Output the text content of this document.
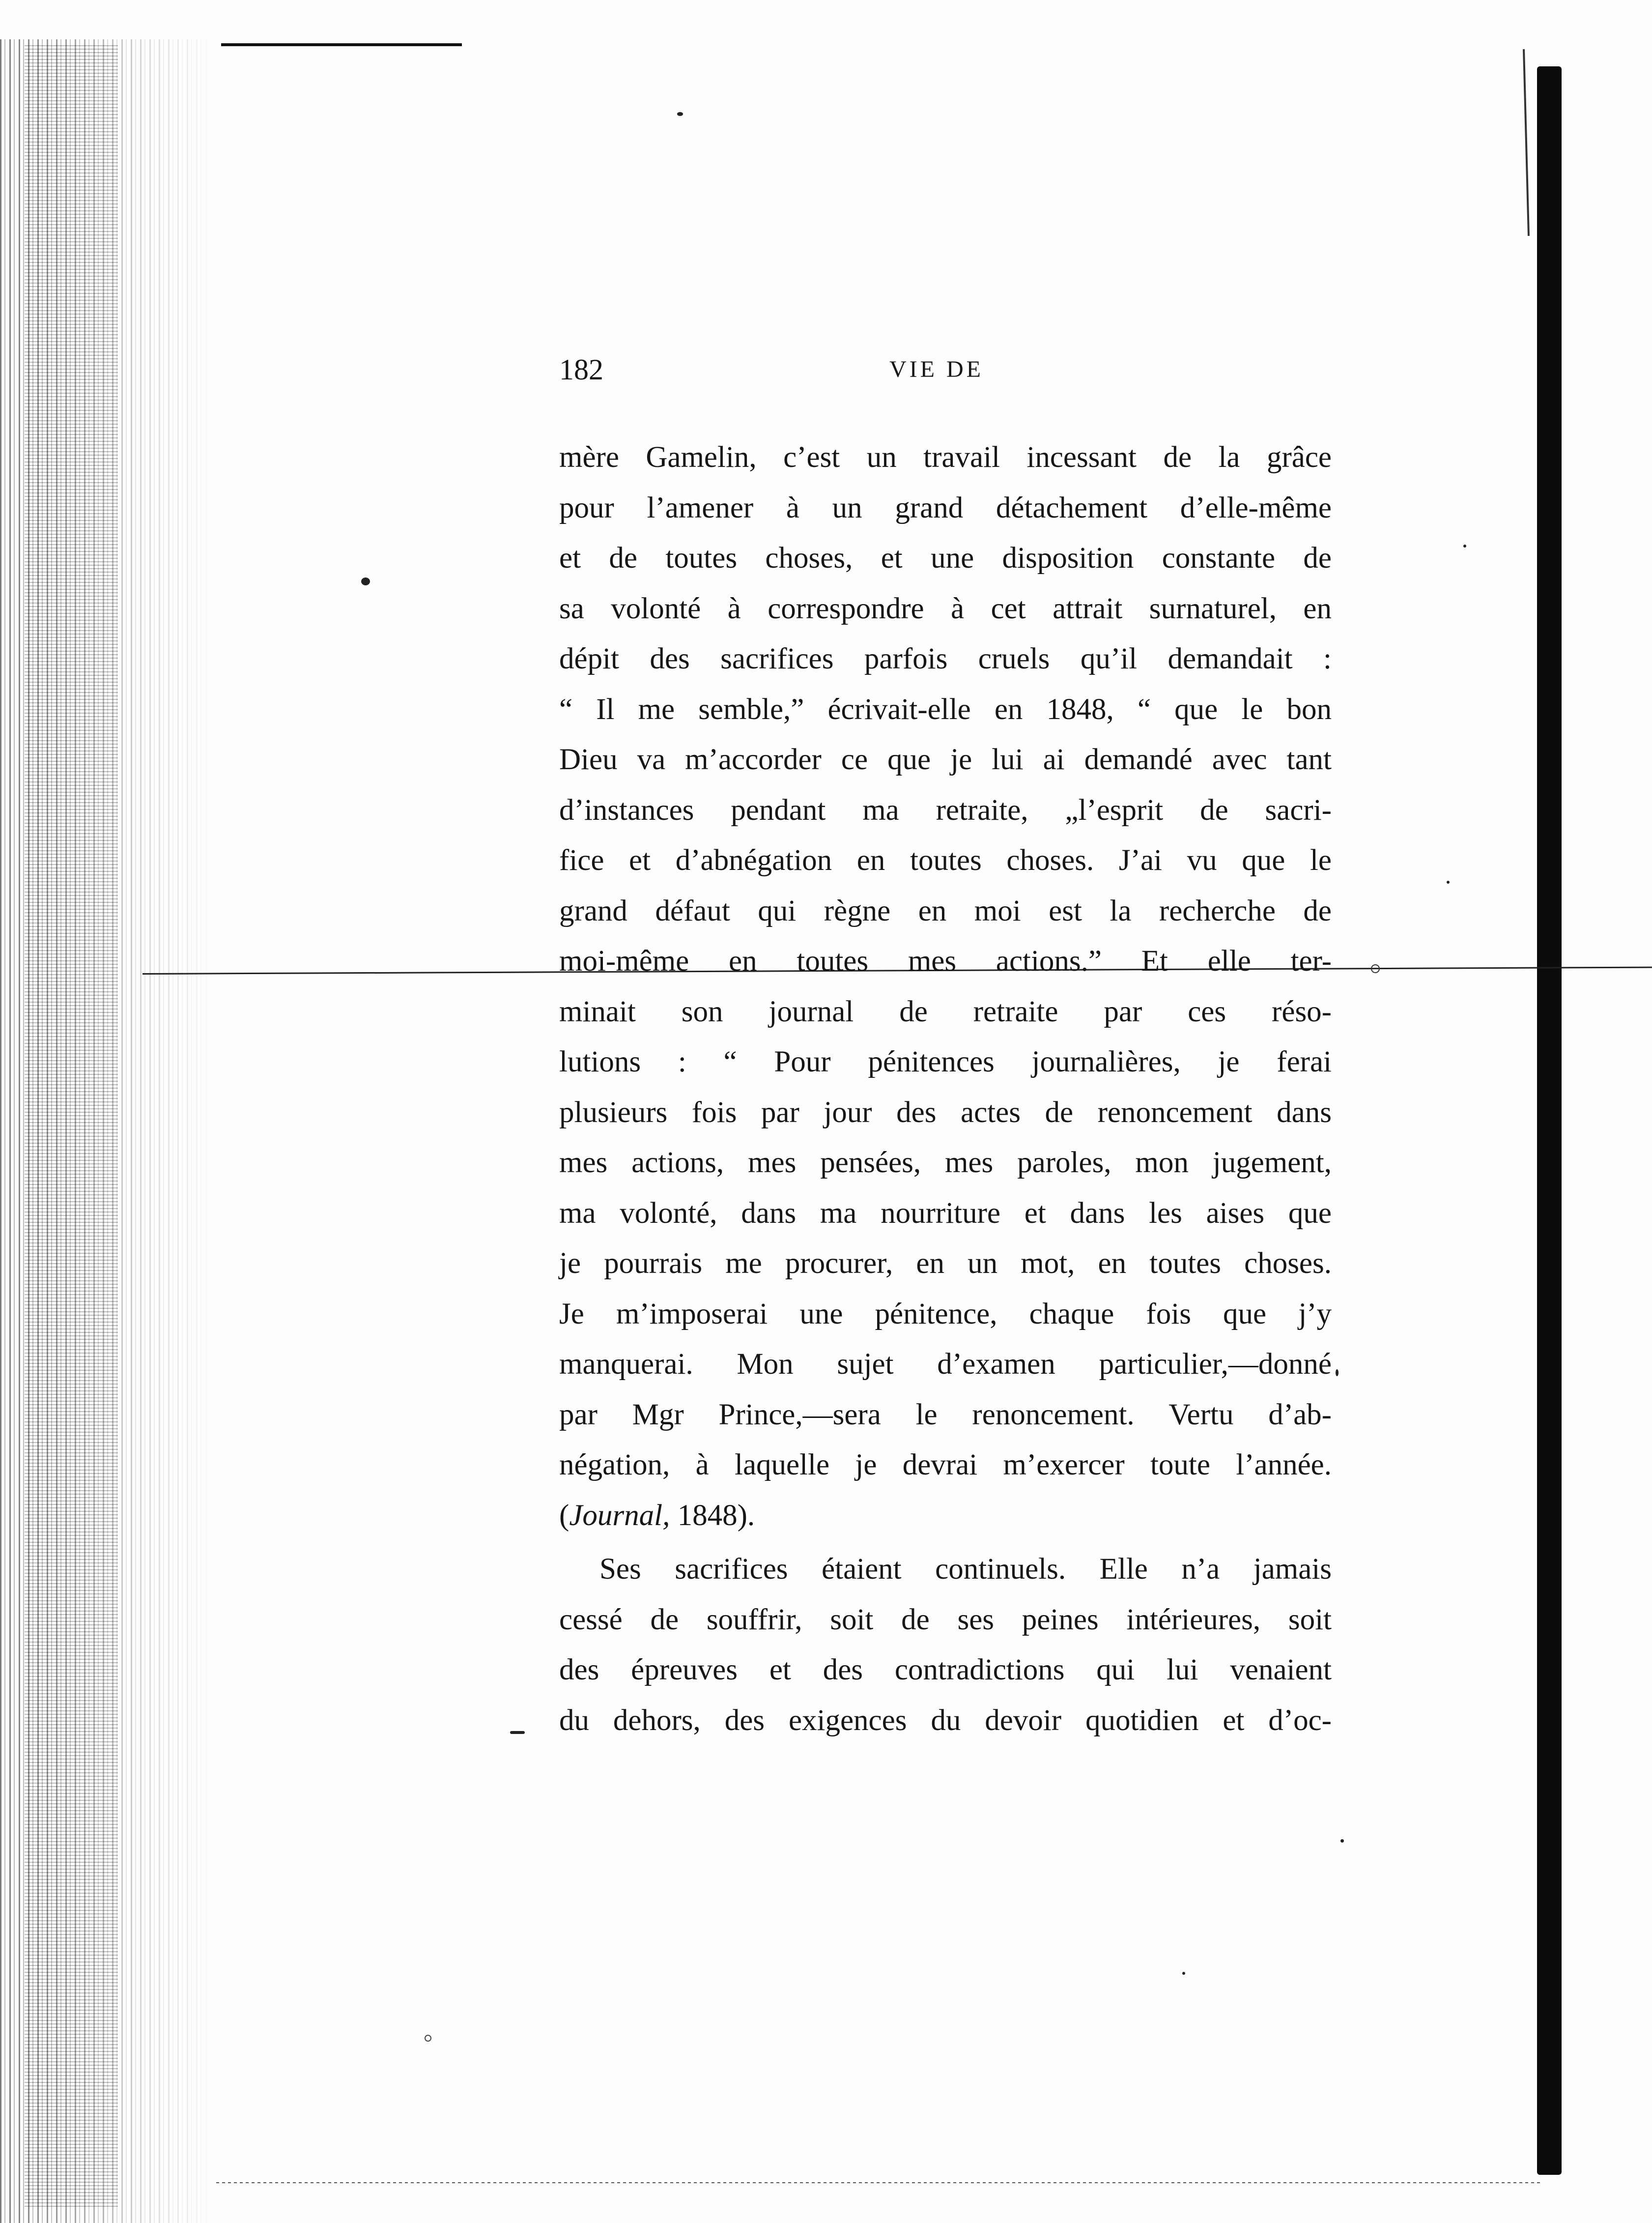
182	VIE DE
mère Gamelin, c’est un travail incessant de la grâce
pour l’amener à un grand détachement d’elle-même
et de toutes choses, et une disposition constante de
sa volonté à correspondre à cet attrait surnaturel, en
dépit des sacrifices parfois cruels qu’il demandait :
“ Il me semble,” écrivait-elle en 1848, “ que le bon
Dieu va m’accorder ce que je lui ai demandé avec tant
d’instances pendant ma retraite, „l’esprit de sacri-
fice et d’abnégation en toutes choses. J’ai vu que le
grand défaut qui règne en moi est la recherche de
moi-même en toutes mes actions.” Et elle ter-
minait son journal de retraite par ces réso-
lutions : “ Pour pénitences journalières, je ferai
plusieurs fois par jour des actes de renoncement dans
mes actions, mes pensées, mes paroles, mon jugement,
ma volonté, dans ma nourriture et dans les aises que
je pourrais me procurer, en un mot, en toutes choses.
Je m’imposerai une pénitence, chaque fois que j’y
manquerai. Mon sujet d’examen particulier,—donné
par Mgr Prince,—sera le renoncement. Vertu d’ab-
négation, à laquelle je devrai m’exercer toute l’année.
(Journal, 1848).
Ses sacrifices étaient continuels. Elle n’a jamais
cessé de souffrir, soit de ses peines intérieures, soit
des épreuves et des contradictions qui lui venaient
du dehors, des exigences du devoir quotidien et d’oc-
